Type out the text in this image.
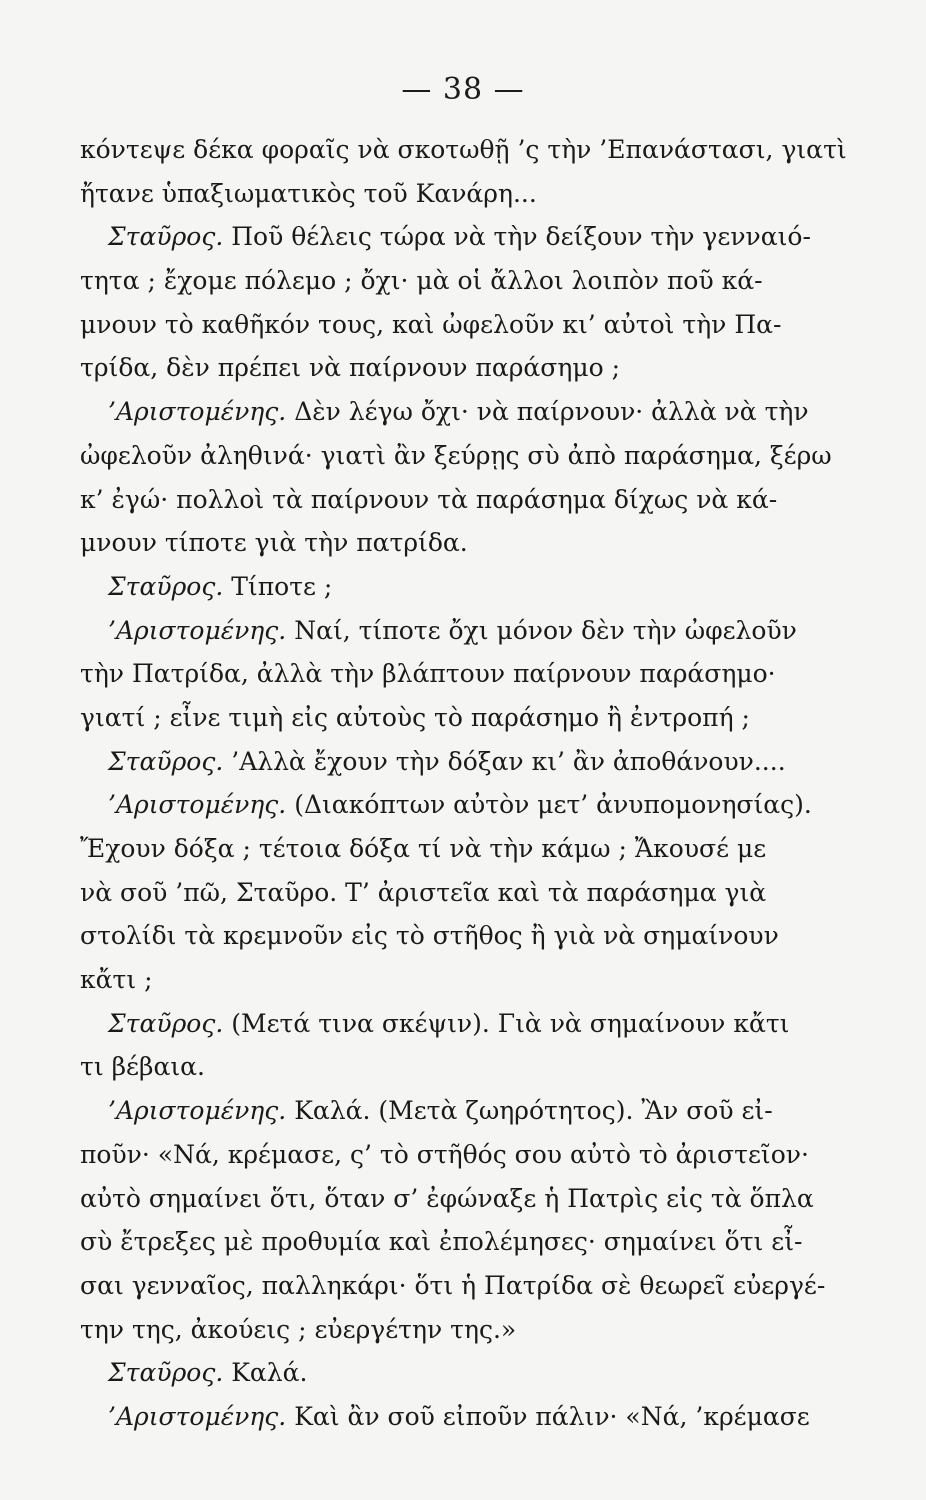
— 38 —
κόντεψε δέκα φοραῖς νὰ σκοτωθῇ ’ς τὴν ’Επανάστασι, γιατὶ
ἤτανε ὑπαξιωματικὸς τοῦ Κανάρη...
Σταῦρος. Ποῦ θέλεις τώρα νὰ τὴν δείξουν τὴν γενναιό-
τητα ; ἔχομε πόλεμο ; ὄχι· μὰ οἱ ἄλλοι λοιπὸν ποῦ κά-
μνουν τὸ καθῆκόν τους, καὶ ὠφελοῦν κι’ αὐτοὶ τὴν Πα-
τρίδα, δὲν πρέπει νὰ παίρνουν παράσημο ;
’Αριστομένης. Δὲν λέγω ὄχι· νὰ παίρνουν· ἀλλὰ νὰ τὴν
ὠφελοῦν ἀληθινά· γιατὶ ἂν ξεύρῃς σὺ ἀπὸ παράσημα, ξέρω
κ’ ἐγώ· πολλοὶ τὰ παίρνουν τὰ παράσημα δίχως νὰ κά-
μνουν τίποτε γιὰ τὴν πατρίδα.
Σταῦρος. Τίποτε ;
’Αριστομένης. Ναί, τίποτε ὄχι μόνον δὲν τὴν ὠφελοῦν
τὴν Πατρίδα, ἀλλὰ τὴν βλάπτουν παίρνουν παράσημο·
γιατί ; εἶνε τιμὴ εἰς αὐτοὺς τὸ παράσημο ἢ ἐντροπή ;
Σταῦρος. ’Αλλὰ ἔχουν τὴν δόξαν κι’ ἂν ἀποθάνουν....
’Αριστομένης. (Διακόπτων αὐτὸν μετ’ ἀνυπομονησίας).
Ἔχουν δόξα ; τέτοια δόξα τί νὰ τὴν κάμω ; Ἄκουσέ με
νὰ σοῦ ’πῶ, Σταῦρο. Τ’ ἀριστεῖα καὶ τὰ παράσημα γιὰ
στολίδι τὰ κρεμνοῦν εἰς τὸ στῆθος ἢ γιὰ νὰ σημαίνουν
κἄτι ;
Σταῦρος. (Μετά τινα σκέψιν). Γιὰ νὰ σημαίνουν κἄτι
τι βέβαια.
’Αριστομένης. Καλά. (Μετὰ ζωηρότητος). Ἂν σοῦ εἰ-
ποῦν· «Νά, κρέμασε, ς’ τὸ στῆθός σου αὐτὸ τὸ ἀριστεῖον·
αὐτὸ σημαίνει ὅτι, ὅταν σ’ ἐφώναξε ἡ Πατρὶς εἰς τὰ ὅπλα
σὺ ἔτρεξες μὲ προθυμία καὶ ἐπολέμησες· σημαίνει ὅτι εἶ-
σαι γενναῖος, παλληκάρι· ὅτι ἡ Πατρίδα σὲ θεωρεῖ εὐεργέ-
την της, ἀκούεις ; εὐεργέτην της.»
Σταῦρος. Καλά.
’Αριστομένης. Καὶ ἂν σοῦ εἰποῦν πάλιν· «Νά, ’κρέμασε
